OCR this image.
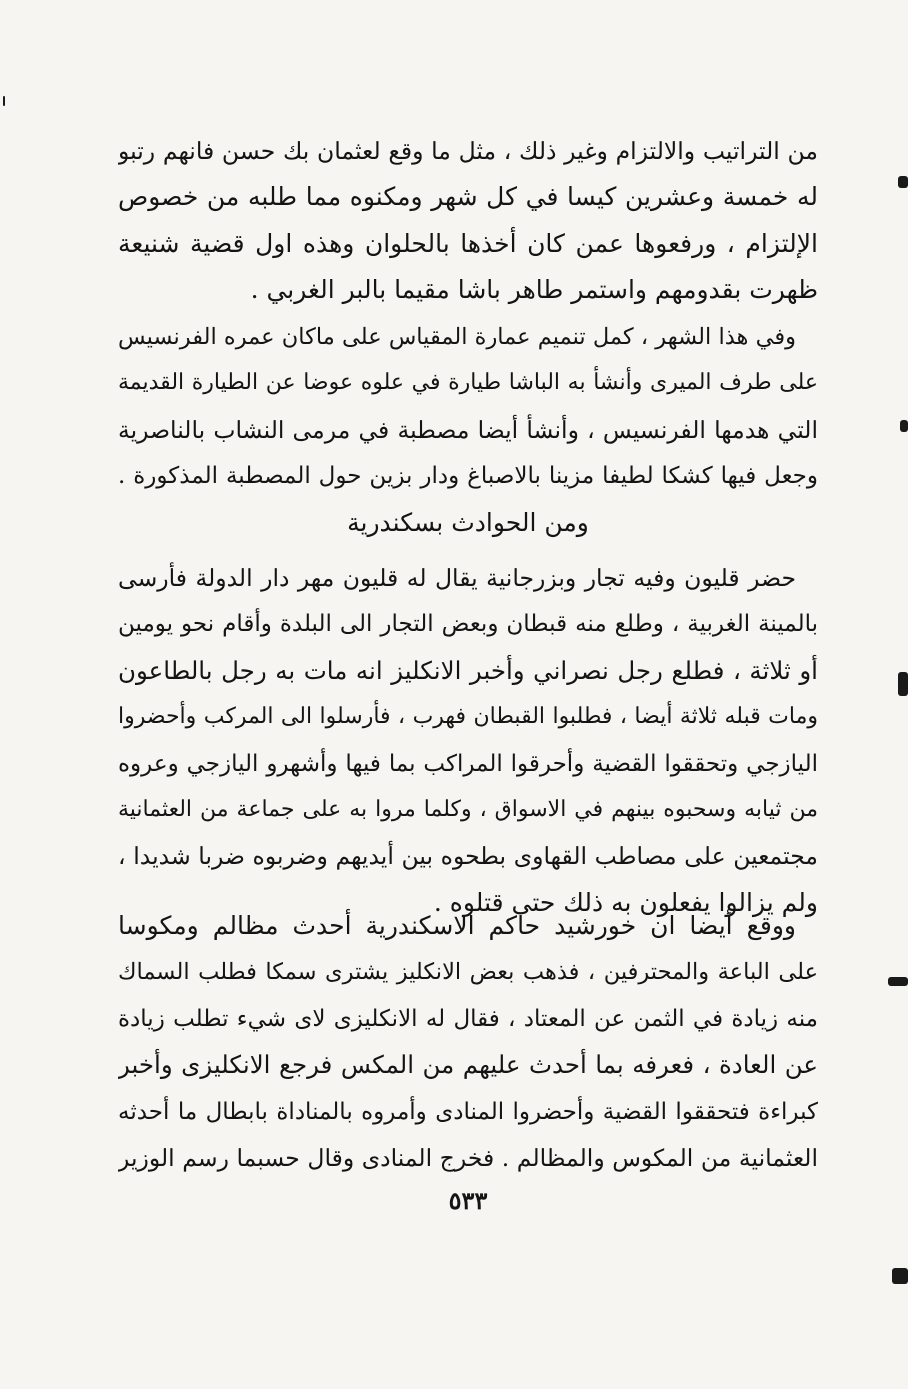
من التراتيب والالتزام وغير ذلك ، مثل ما وقع لعثمان بك حسن فانهم رتبو
له خمسة وعشرين كيسا في كل شهر ومكنوه مما طلبه من خصوص
الإلتزام ، ورفعوها عمن كان أخذها بالحلوان وهذه اول قضية شنيعة
ظهرت بقدومهم واستمر طاهر باشا مقيما بالبر الغربي .
وفي هذا الشهر ، كمل تنميم عمارة المقياس على ماكان عمره الفرنسيس
على طرف الميرى وأنشأ به الباشا طيارة في علوه عوضا عن الطيارة القديمة
التي هدمها الفرنسيس ، وأنشأ أيضا مصطبة في مرمى النشاب بالناصرية
وجعل فيها كشكا لطيفا مزينا بالاصباغ ودار بزين حول المصطبة المذكورة .
ومن الحوادث بسكندرية
حضر قليون وفيه تجار وبزرجانية يقال له قليون مهر دار الدولة فأرسى
بالمينة الغربية ، وطلع منه قبطان وبعض التجار الى البلدة وأقام نحو يومين
أو ثلاثة ، فطلع رجل نصراني وأخبر الانكليز انه مات به رجل بالطاعون
ومات قبله ثلاثة أيضا ، فطلبوا القبطان فهرب ، فأرسلوا الى المركب وأحضروا
اليازجي وتحققوا القضية وأحرقوا المراكب بما فيها وأشهرو اليازجي وعروه
من ثيابه وسحبوه بينهم في الاسواق ، وكلما مروا به على جماعة من العثمانية
مجتمعين على مصاطب القهاوى بطحوه بين أيديهم وضربوه ضربا شديدا ،
ولم يزالوا يفعلون به ذلك حتى قتلوه .
ووقع أيضا ان خورشيد حاكم الاسكندرية أحدث مظالم ومكوسا
على الباعة والمحترفين ، فذهب بعض الانكليز يشترى سمكا فطلب السماك
منه زيادة في الثمن عن المعتاد ، فقال له الانكليزى لاى شيء تطلب زيادة
عن العادة ، فعرفه بما أحدث عليهم من المكس فرجع الانكليزى وأخبر
كبراءة فتحققوا القضية وأحضروا المنادى وأمروه بالمناداة بابطال ما أحدثه
العثمانية من المكوس والمظالم . فخرج المنادى وقال حسبما رسم الوزير
٥٣٣
